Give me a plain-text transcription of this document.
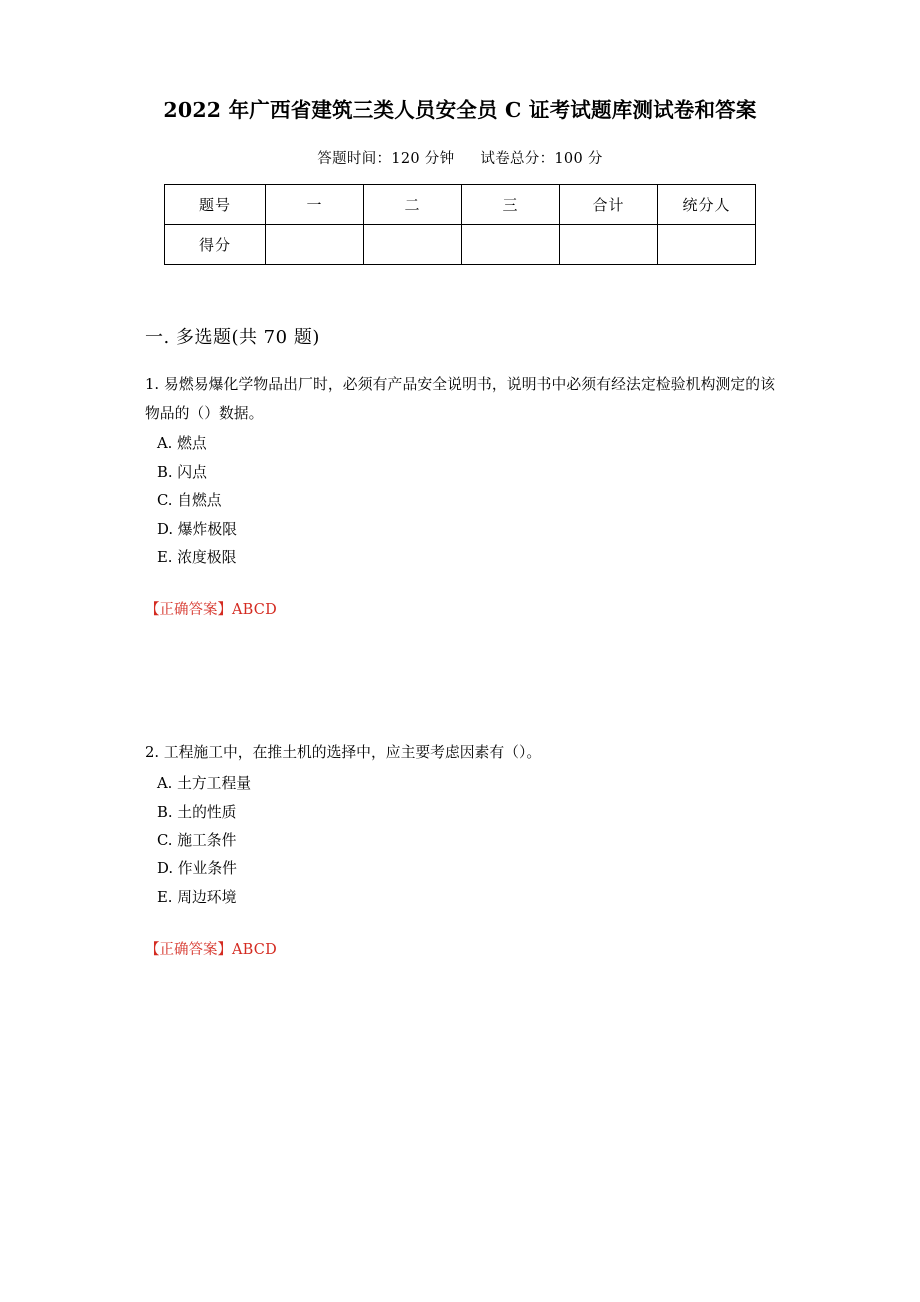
2022 年广西省建筑三类人员安全员 C 证考试题库测试卷和答案
答题时间：120 分钟 试卷总分：100 分
题号	一	二	三	合计	统分人
得分					
一. 多选题(共 70 题)

1. 易燃易爆化学物品出厂时，必须有产品安全说明书，说明书中必须有经法定检验机构测定的该物品的（）数据。

A. 燃点

B. 闪点

C. 自燃点

D. 爆炸极限

E. 浓度极限

【正确答案】ABCD

2. 工程施工中，在推土机的选择中，应主要考虑因素有（）。

A. 土方工程量

B. 土的性质

C. 施工条件

D. 作业条件

E. 周边环境

【正确答案】ABCD
